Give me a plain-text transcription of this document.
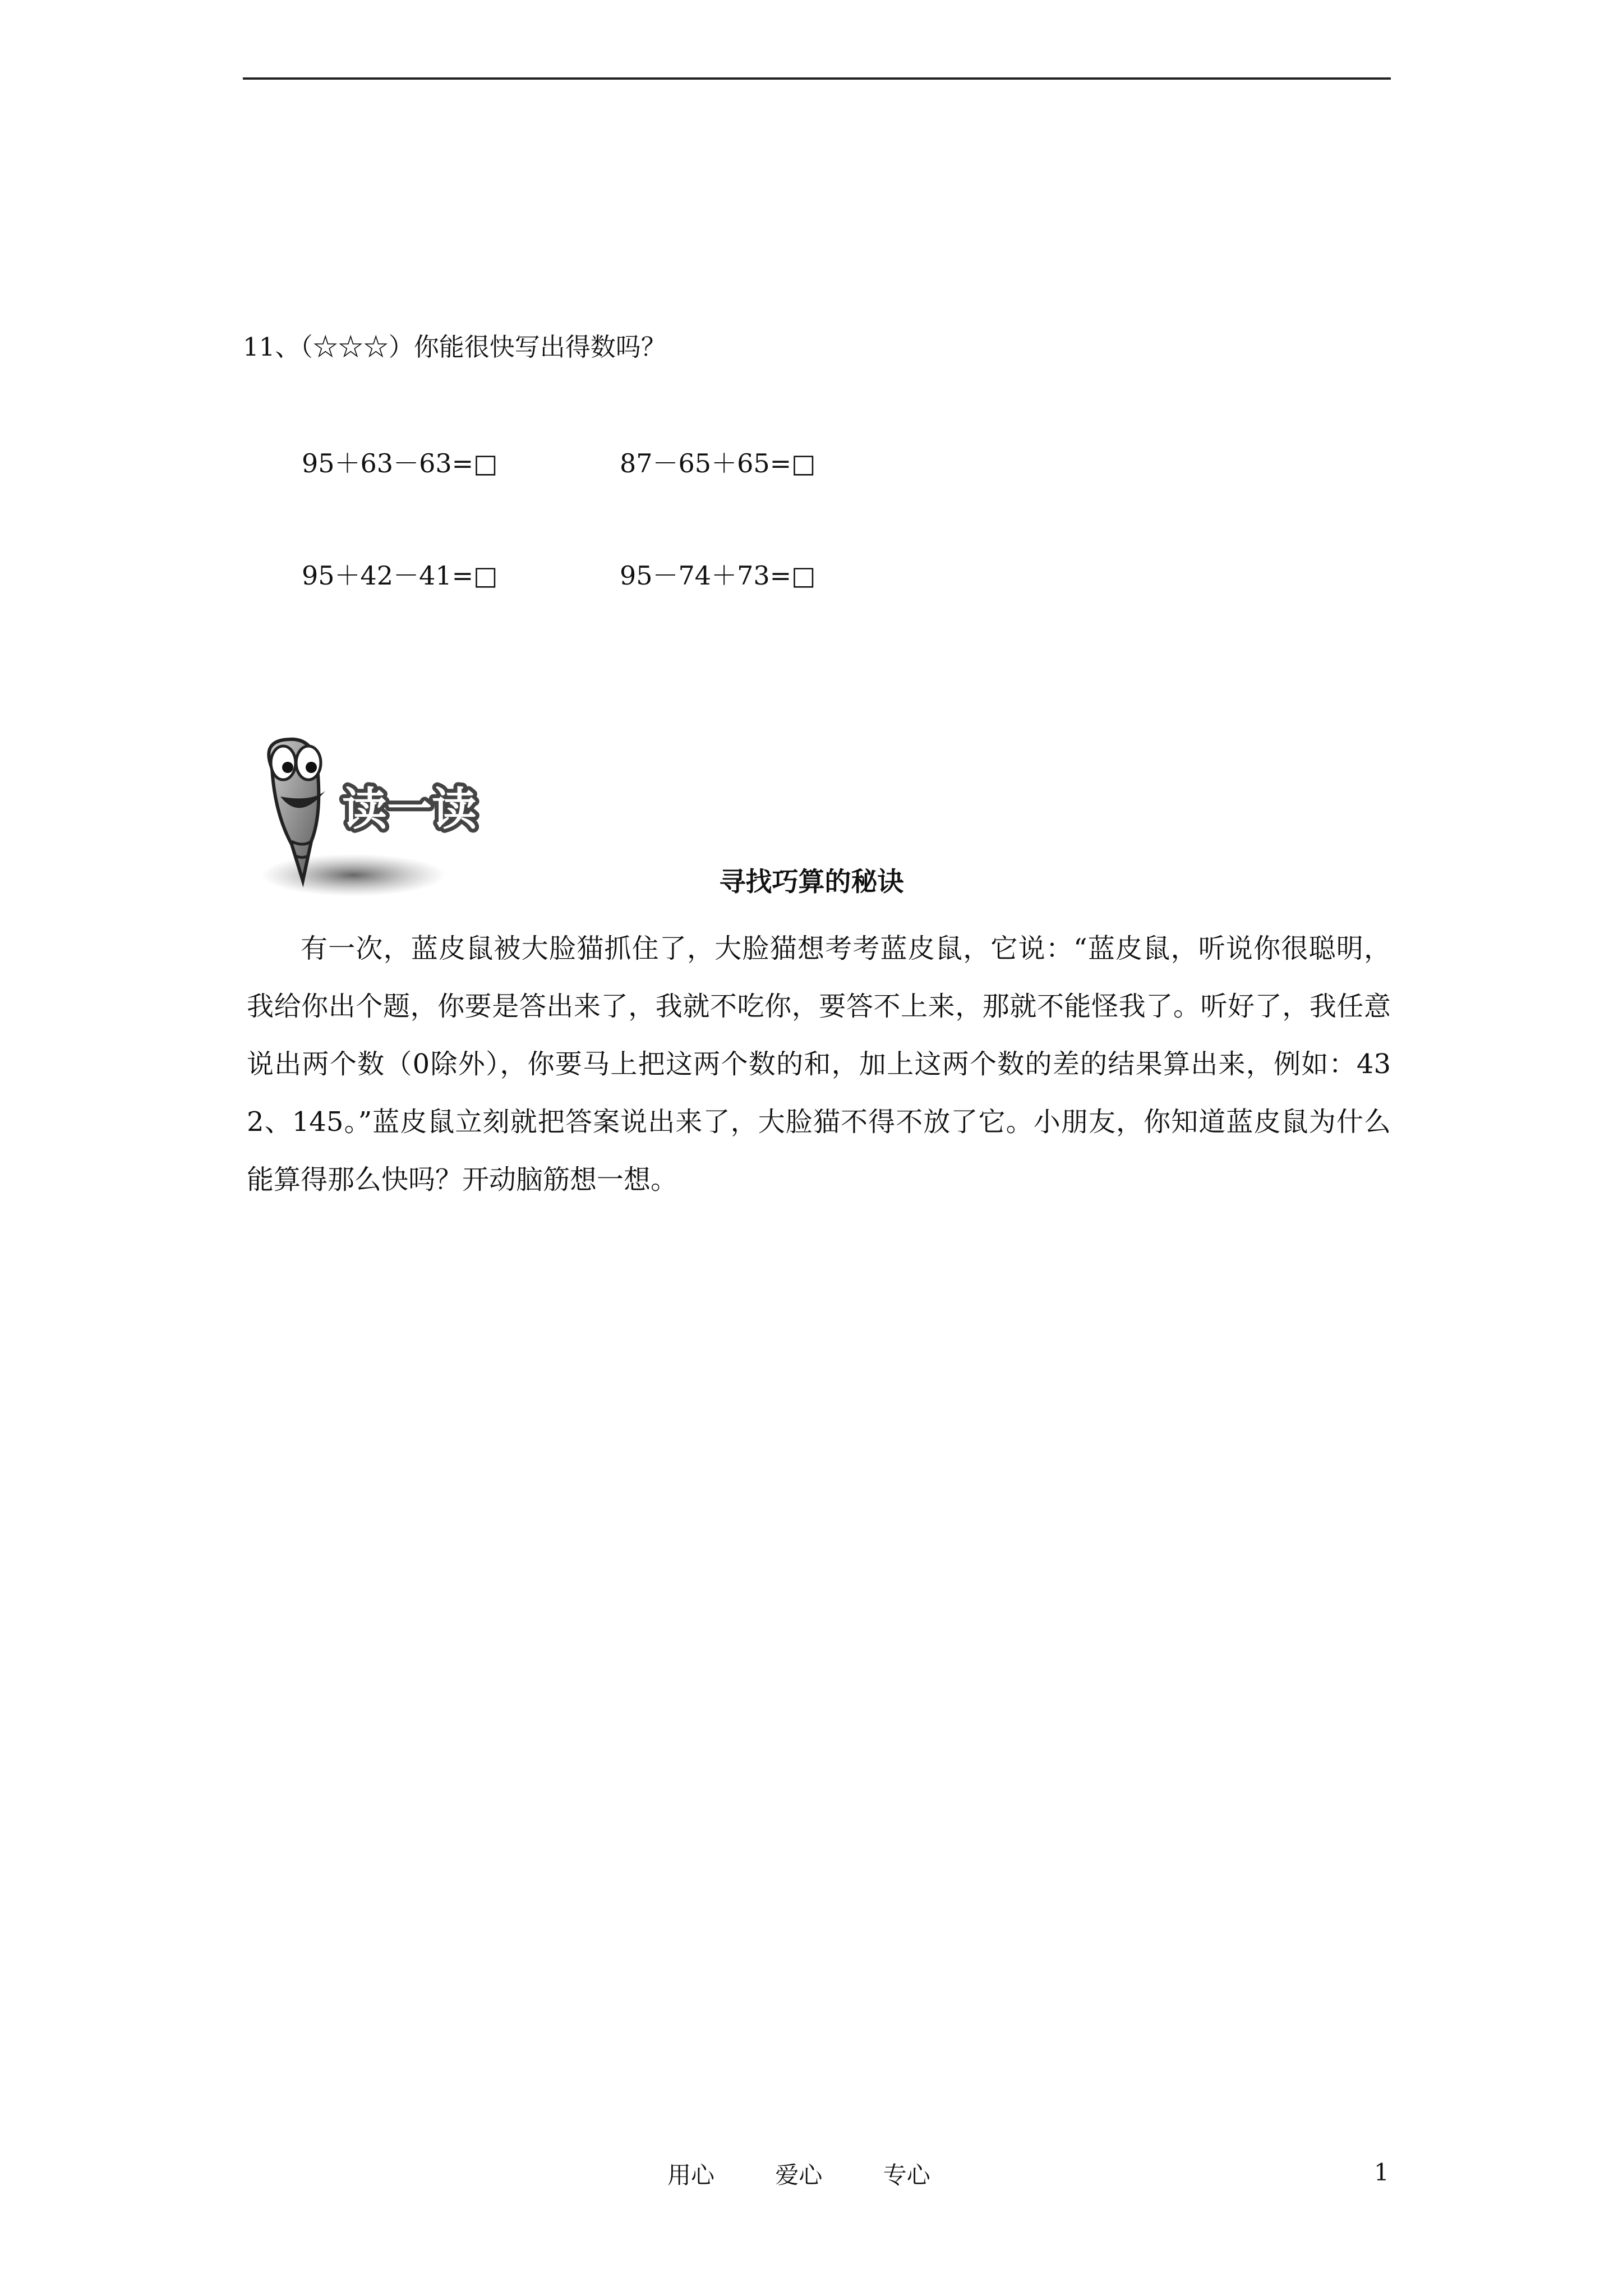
11、（☆☆☆）你能很快写出得数吗？
95＋63－63=□	87－65＋65=□
95＋42－41=□	95－74＋73=□
读一读
寻找巧算的秘诀
有一次，蓝皮鼠被大脸猫抓住了，大脸猫想考考蓝皮鼠，它说：“蓝皮鼠，听说你很聪明，我给你出个题，你要是答出来了，我就不吃你，要答不上来，那就不能怪我了。听好了，我任意说出两个数（0除外），你要马上把这两个数的和，加上这两个数的差的结果算出来，例如：432、145。”蓝皮鼠立刻就把答案说出来了，大脸猫不得不放了它。小朋友，你知道蓝皮鼠为什么能算得那么快吗？开动脑筋想一想。
用心	爱心	专心	1
